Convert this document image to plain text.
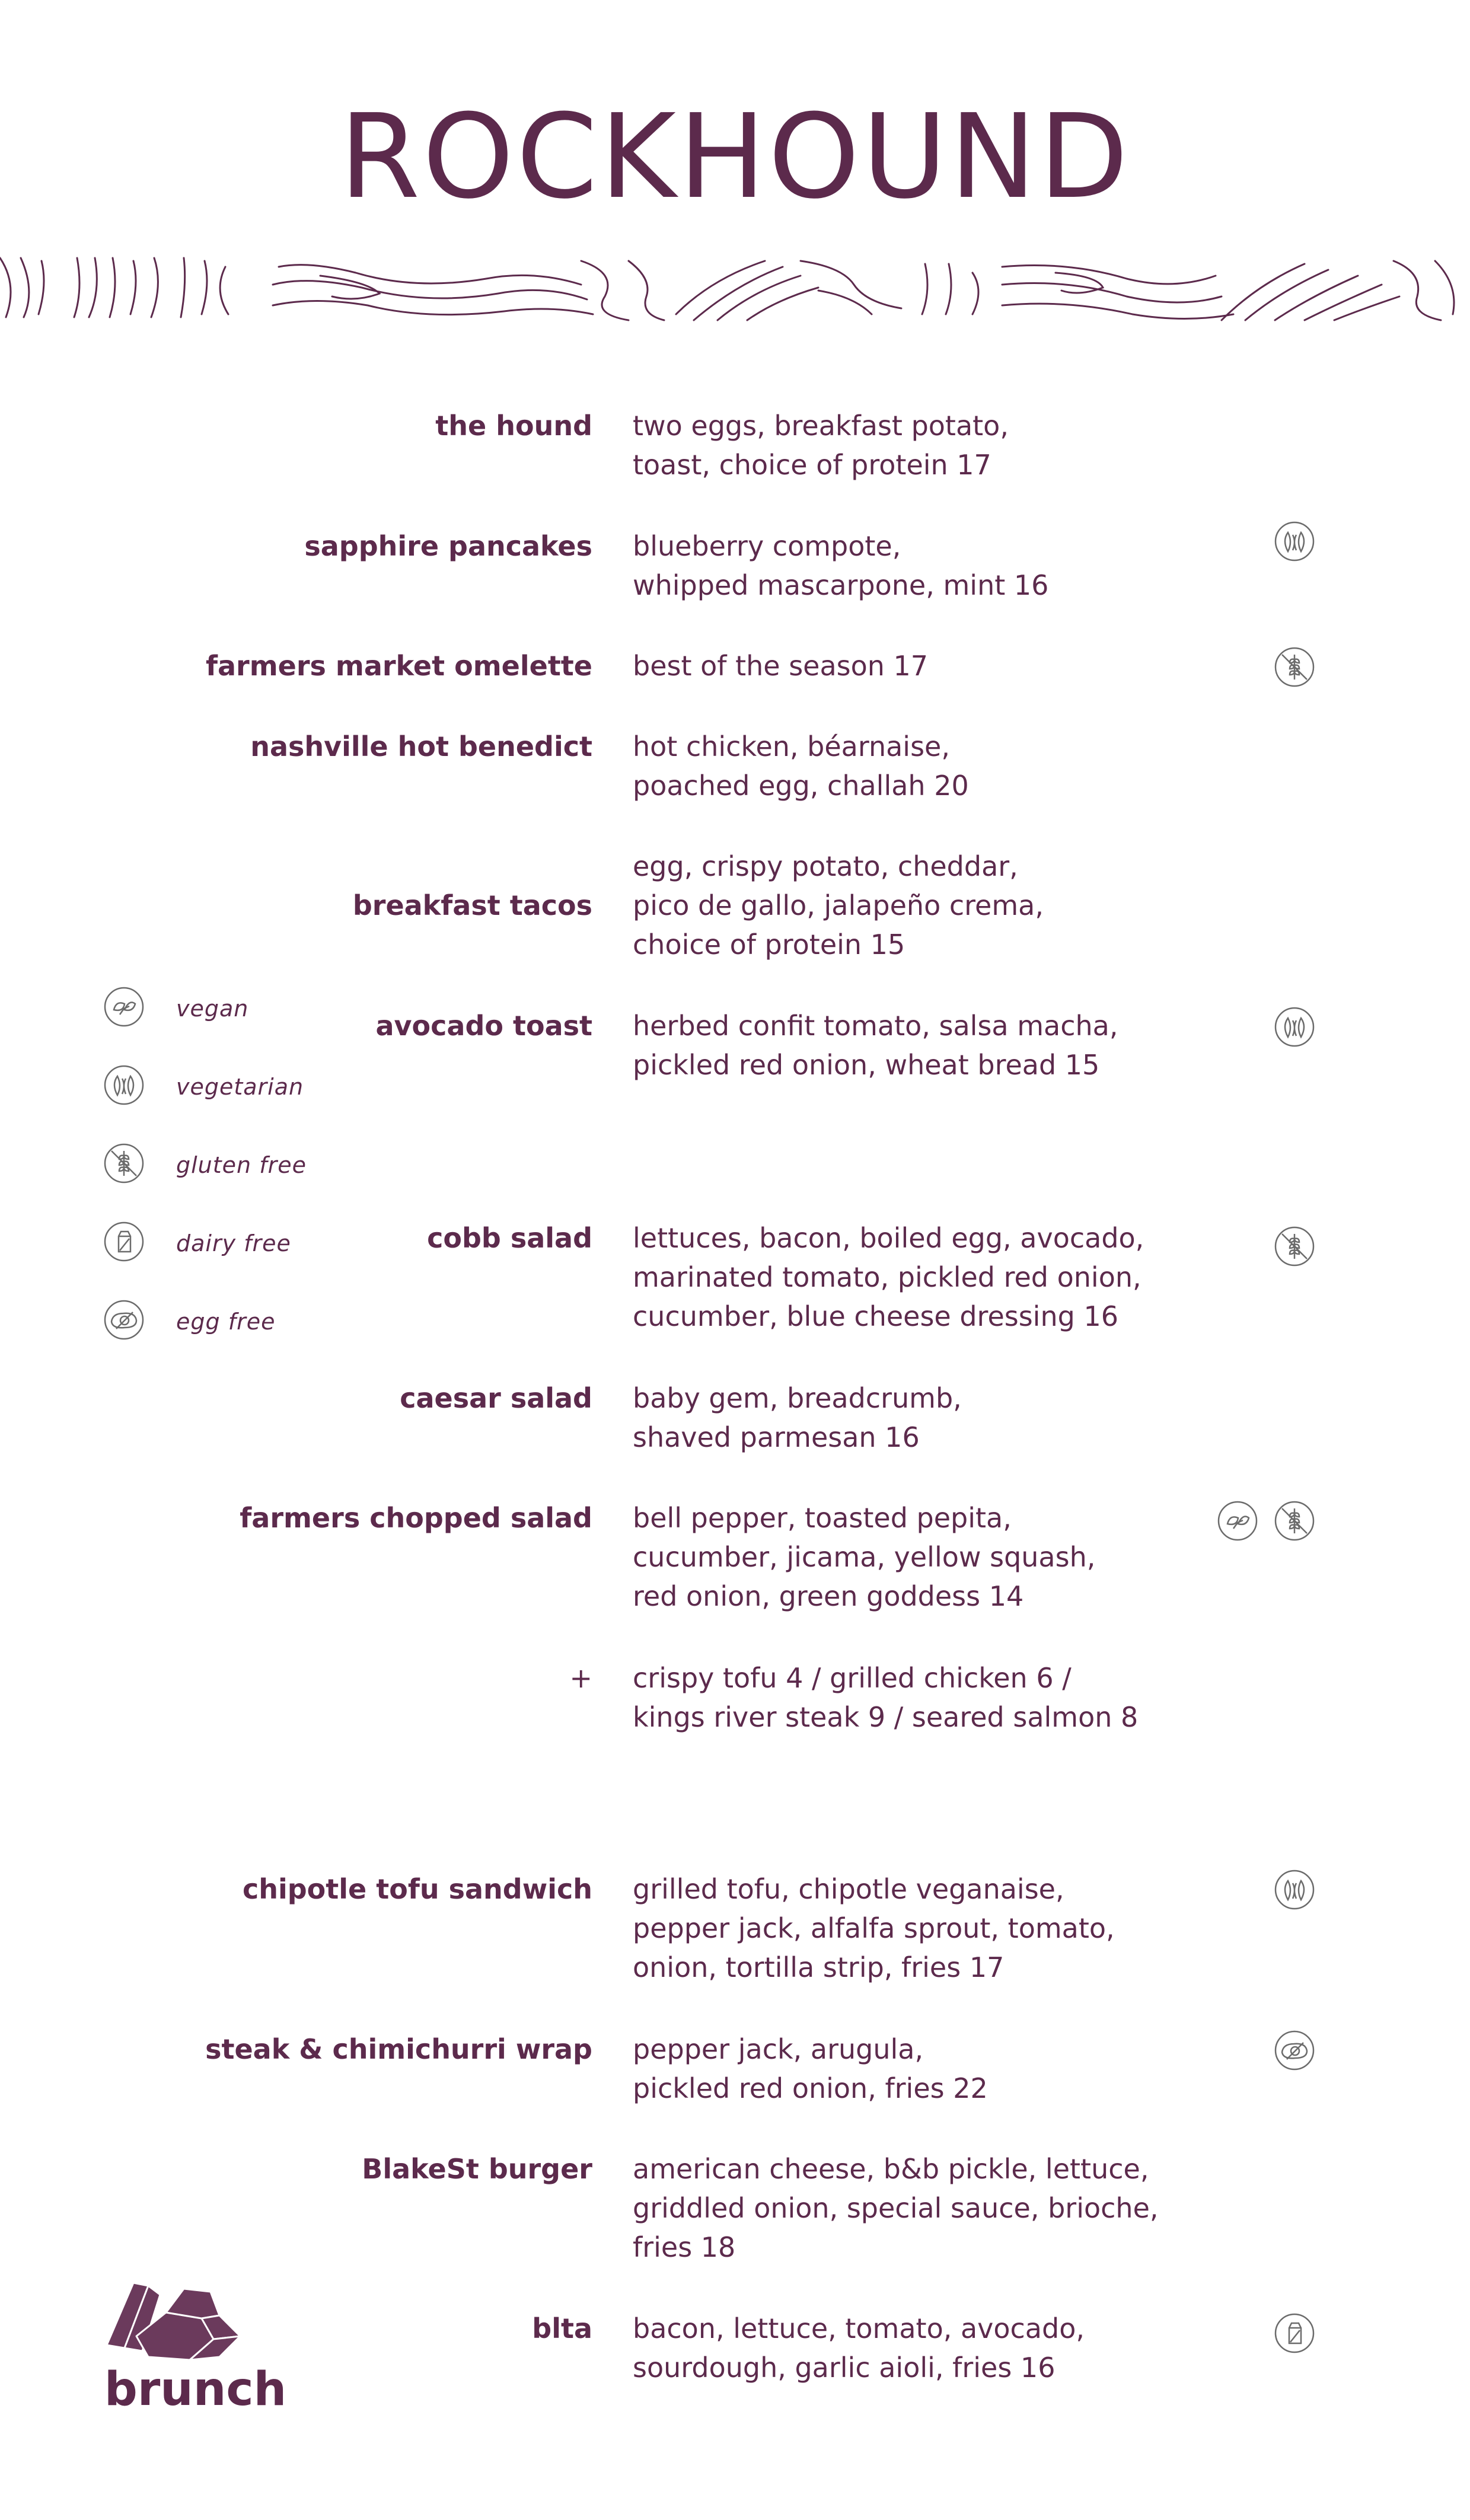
ROCKHOUND
the hound two eggs, breakfast potato,
toast, choice of protein 17
sapphire pancakes blueberry compote,
whipped mascarpone, mint 16
farmers market omelette best of the season 17
nashville hot benedict hot chicken, béarnaise,
poached egg, challah 20
breakfast tacos
egg, crispy potato, cheddar,
pico de gallo, jalapeño crema,
choice of protein 15
avocado toast herbed confit tomato, salsa macha,
pickled red onion, wheat bread 15
cobb salad lettuces, bacon, boiled egg, avocado,
marinated tomato, pickled red onion,
cucumber, blue cheese dressing 16
caesar salad baby gem, breadcrumb,
shaved parmesan 16
farmers chopped salad bell pepper, toasted pepita,
cucumber, jicama, yellow squash,
red onion, green goddess 14
+ crispy tofu 4 / grilled chicken 6 /
kings river steak 9 / seared salmon 8
chipotle tofu sandwich grilled tofu, chipotle veganaise,
pepper jack, alfalfa sprout, tomato,
onion, tortilla strip, fries 17
steak & chimichurri wrap pepper jack, arugula,
pickled red onion, fries 22
BlakeSt burger american cheese, b&b pickle, lettuce,
griddled onion, special sauce, brioche,
fries 18
blta bacon, lettuce, tomato, avocado,
sourdough, garlic aioli, fries 16
vegan
vegetarian
gluten free
dairy free
egg free
brunch
